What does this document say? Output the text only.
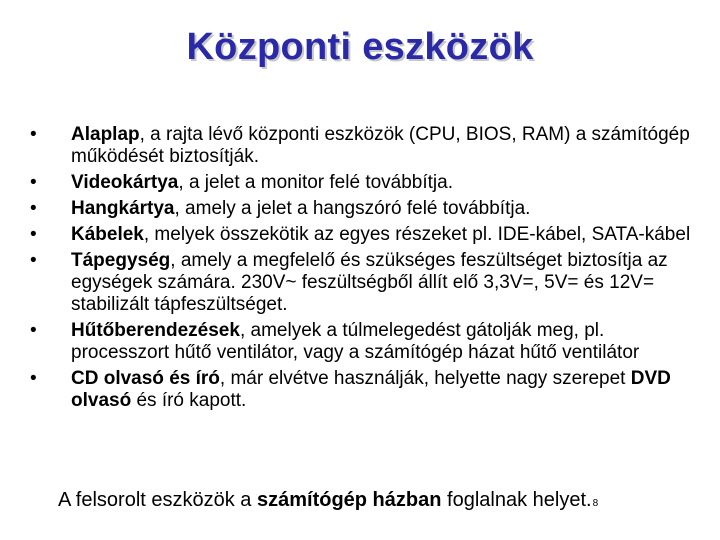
Központi eszközök
• Alaplap, a rajta lévő központi eszközök (CPU, BIOS, RAM) a számítógép működését biztosítják.
• Videokártya, a jelet a monitor felé továbbítja.
• Hangkártya, amely a jelet a hangszóró felé továbbítja.
• Kábelek, melyek összekötik az egyes részeket pl. IDE-kábel, SATA-kábel
• Tápegység, amely a megfelelő és szükséges feszültséget biztosítja az egységek számára. 230V~ feszültségből állít elő 3,3V=, 5V= és 12V= stabilizált tápfeszültséget.
• Hűtőberendezések, amelyek a túlmelegedést gátolják meg, pl. processzort hűtő ventilátor, vagy a számítógép házat hűtő ventilátor
• CD olvasó és író, már elvétve használják, helyette nagy szerepet DVD olvasó és író kapott.
A felsorolt eszközök a számítógép házban foglalnak helyet.8
